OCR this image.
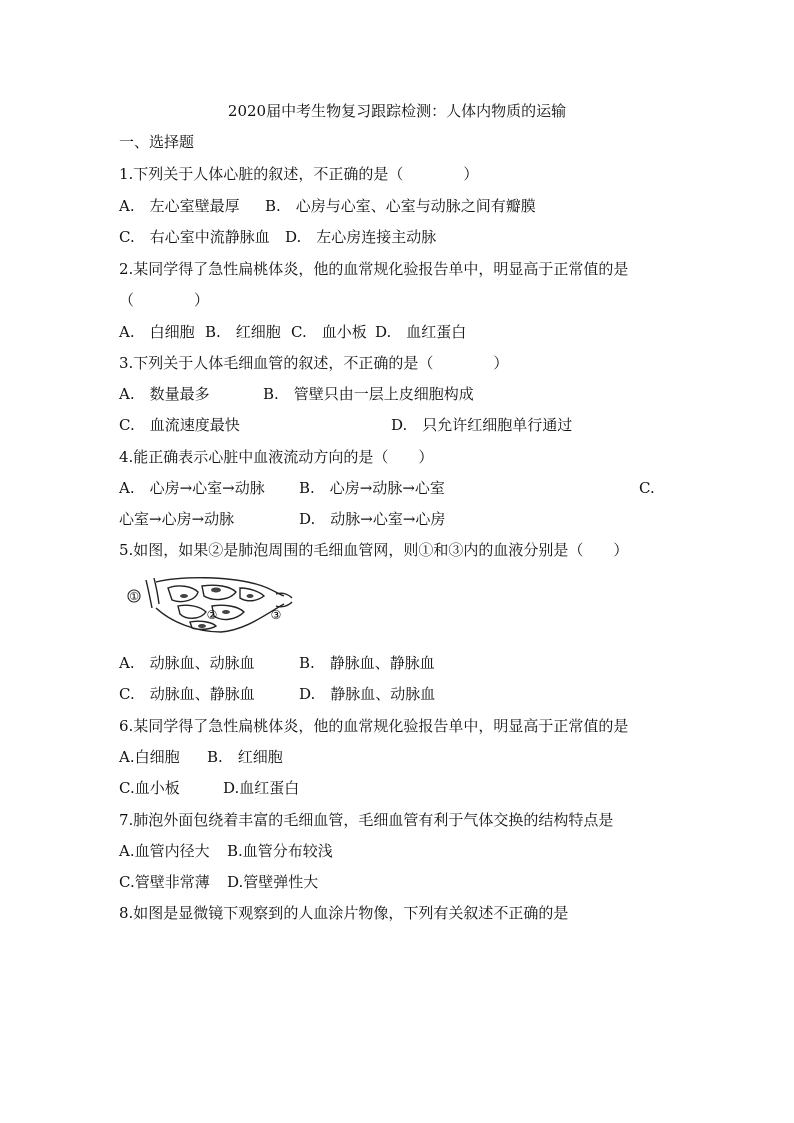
2020届中考生物复习跟踪检测：人体内物质的运输
一、选择题
1.下列关于人体心脏的叙述，不正确的是（　　　　）
A.　左心室壁最厚 B.　心房与心室、心室与动脉之间有瓣膜
C.　右心室中流静脉血 D.　左心房连接主动脉
2.某同学得了急性扁桃体炎，他的血常规化验报告单中，明显高于正常值的是
（　　　　）
A.　白细胞 B.　红细胞 C.　血小板 D.　血红蛋白
3.下列关于人体毛细血管的叙述，不正确的是（　　　　）
A.　数量最多	B.　管壁只由一层上皮细胞构成
C.　血流速度最快	D.　只允许红细胞单行通过
4.能正确表示心脏中血液流动方向的是（　　）
A.　心房→心室→动脉 B.　心房→动脉→心室	C.
心室→心房→动脉	D.　动脉→心室→心房
5.如图，如果②是肺泡周围的毛细血管网，则①和③内的血液分别是（　　）
①
②	③
A.　动脉血、动脉血	B.　静脉血、静脉血
C.　动脉血、静脉血	D.　静脉血、动脉血
6.某同学得了急性扁桃体炎，他的血常规化验报告单中，明显高于正常值的是
A.白细胞 B.　红细胞
C.血小板	D.血红蛋白
7.肺泡外面包绕着丰富的毛细血管，毛细血管有利于气体交换的结构特点是
A.血管内径大 B.血管分布较浅
C.管壁非常薄 D.管壁弹性大
8.如图是显微镜下观察到的人血涂片物像，下列有关叙述不正确的是
